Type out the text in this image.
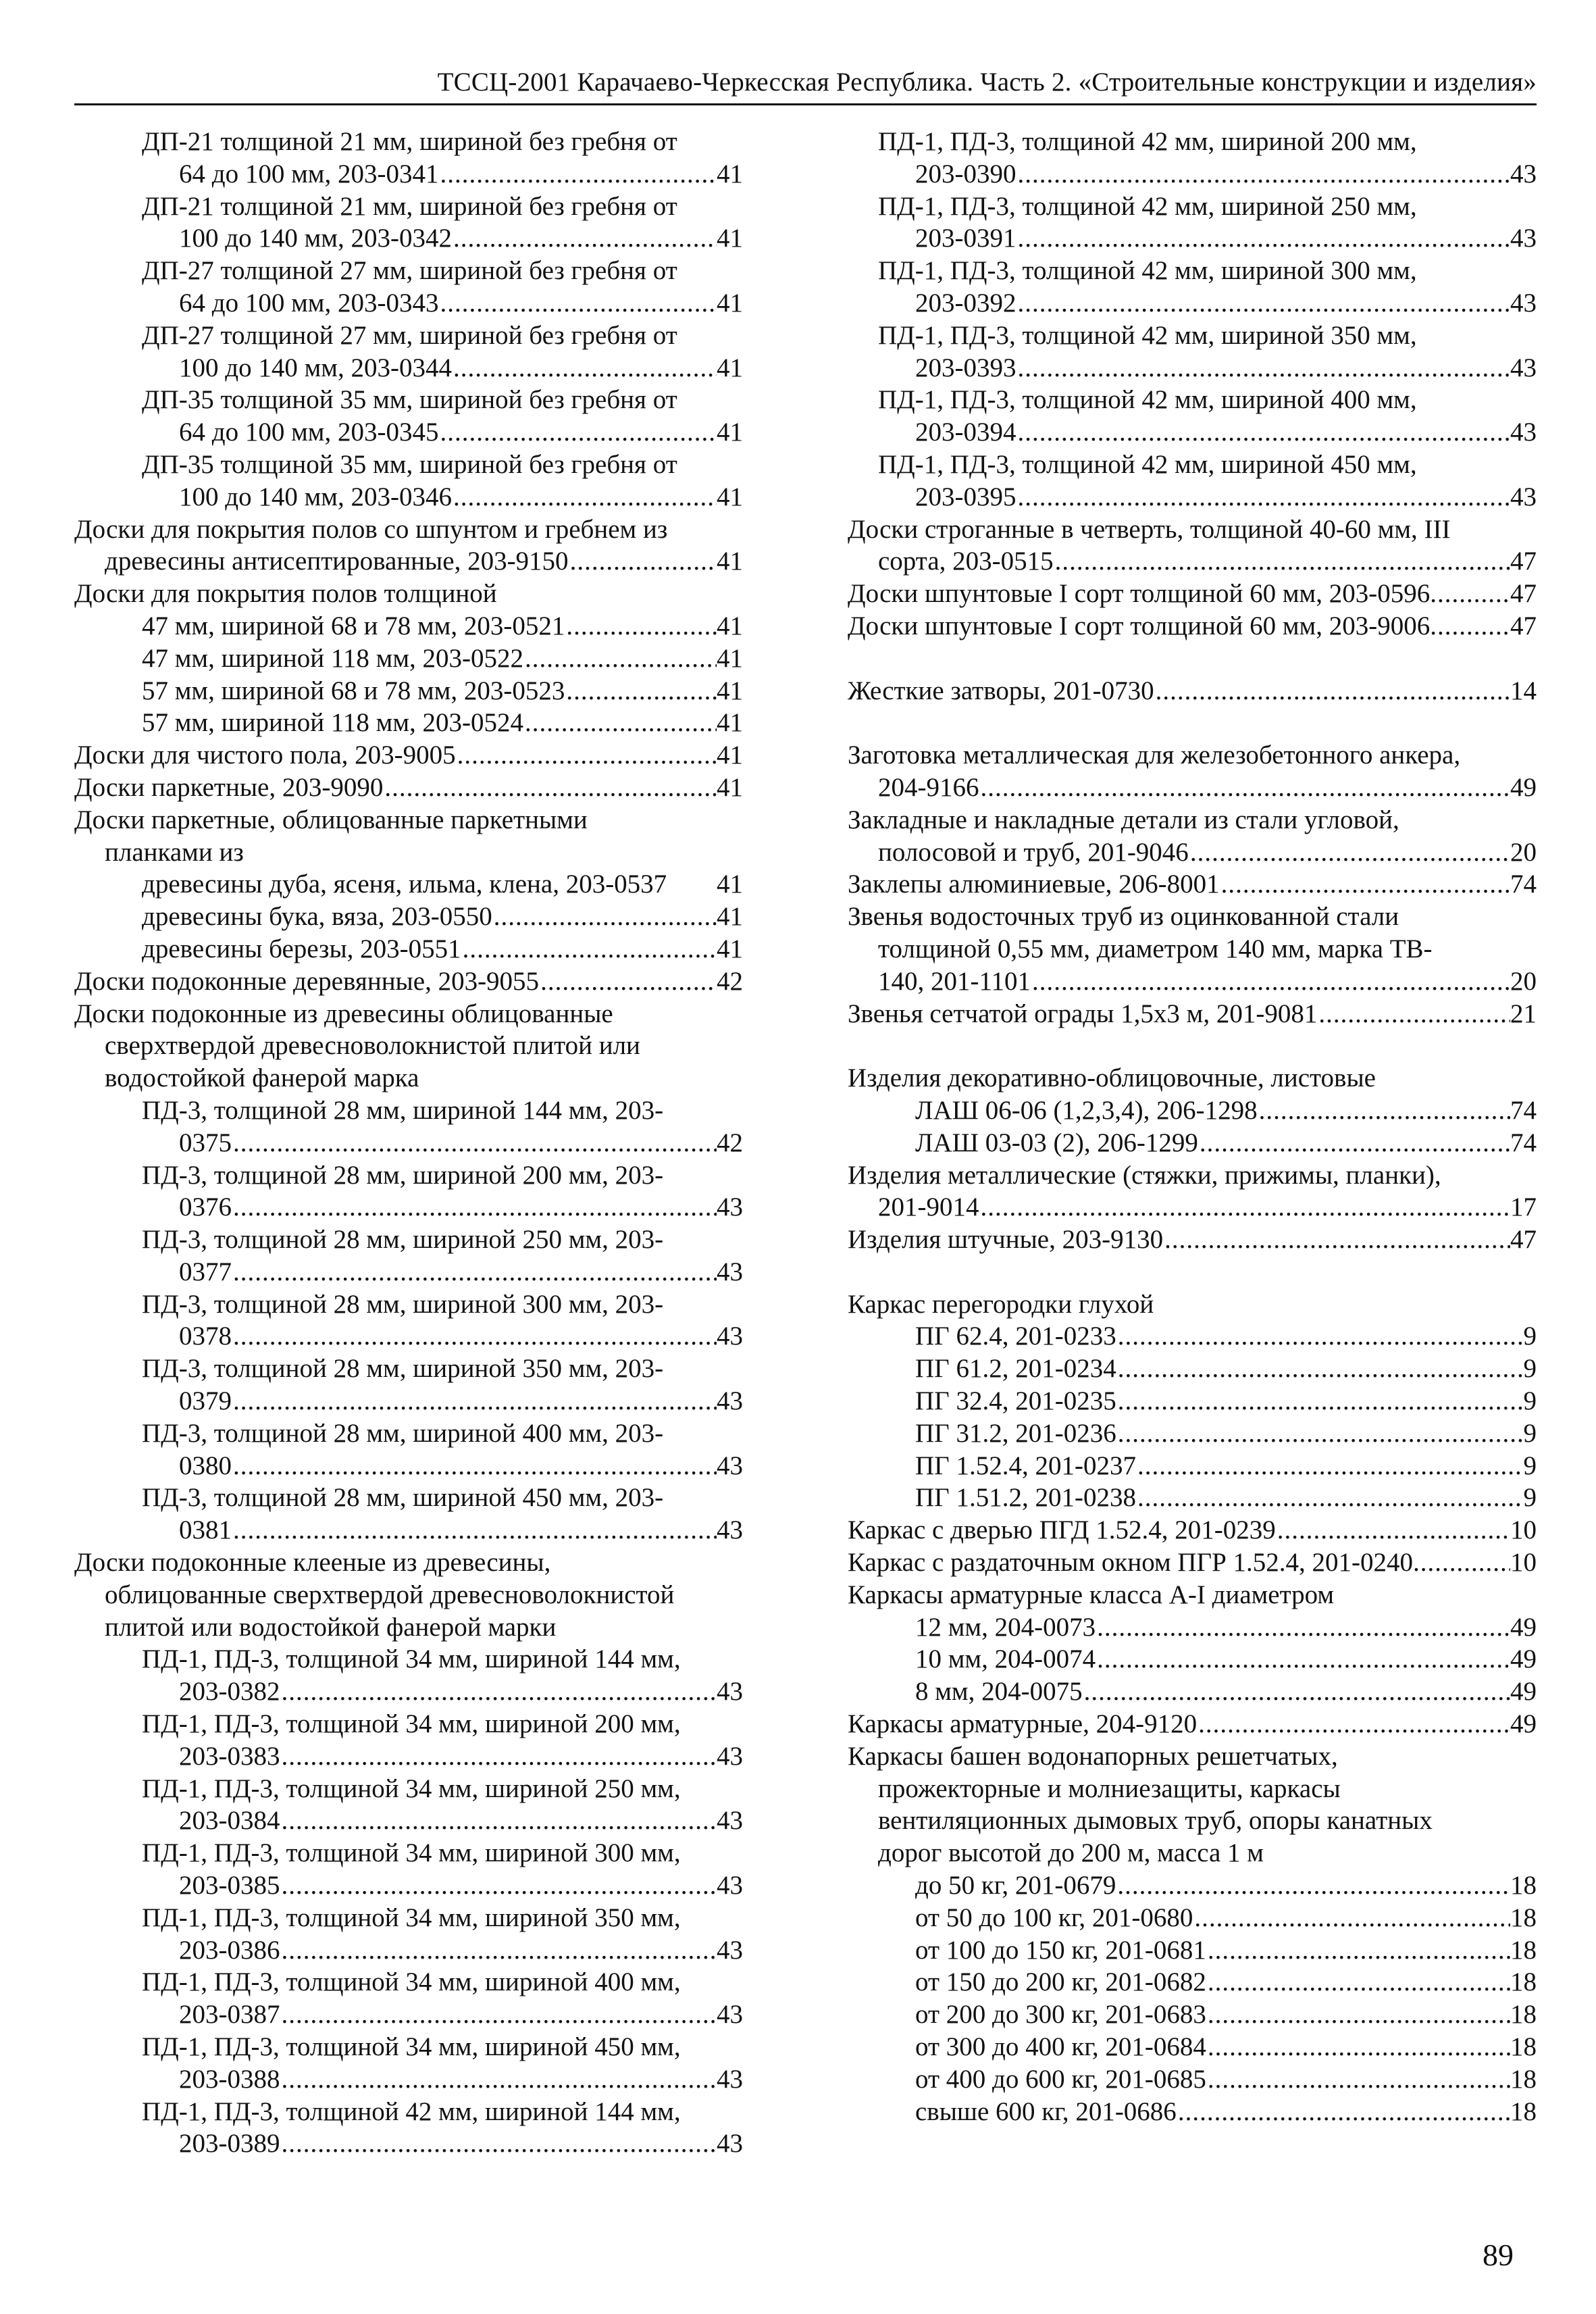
ТССЦ-2001 Карачаево-Черкесская Республика. Часть 2. «Строительные конструкции и изделия»
ДП-21 толщиной 21 мм, шириной без гребня от
64 до 100 мм, 203-0341 .....	41
ДП-21 толщиной 21 мм, шириной без гребня от
100 до 140 мм, 203-0342 .....	41
ДП-27 толщиной 27 мм, шириной без гребня от
64 до 100 мм, 203-0343 .....	41
ДП-27 толщиной 27 мм, шириной без гребня от
100 до 140 мм, 203-0344 .....	41
ДП-35 толщиной 35 мм, шириной без гребня от
64 до 100 мм, 203-0345 .....	41
ДП-35 толщиной 35 мм, шириной без гребня от
100 до 140 мм, 203-0346 .....	41
Доски для покрытия полов со шпунтом и гребнем из
древесины антисептированные, 203-9150 .....	41
Доски для покрытия полов толщиной
47 мм, шириной 68 и 78 мм, 203-0521 .....	41
47 мм, шириной 118 мм, 203-0522 .....	41
57 мм, шириной 68 и 78 мм, 203-0523 .....	41
57 мм, шириной 118 мм, 203-0524 .....	41
Доски для чистого пола, 203-9005 .....	41
Доски паркетные, 203-9090 .....	41
Доски паркетные, облицованные паркетными
планками из
древесины дуба, ясеня, ильма, клена, 203-0537 41
древесины бука, вяза, 203-0550 .....	41
древесины березы, 203-0551 .....	41
Доски подоконные деревянные, 203-9055 .....	42
Доски подоконные из древесины облицованные
сверхтвердой древесноволокнистой плитой или
водостойкой фанерой марка
ПД-3, толщиной 28 мм, шириной 144 мм, 203-
0375 .....	42
ПД-3, толщиной 28 мм, шириной 200 мм, 203-
0376 .....	43
ПД-3, толщиной 28 мм, шириной 250 мм, 203-
0377 .....	43
ПД-3, толщиной 28 мм, шириной 300 мм, 203-
0378 .....	43
ПД-3, толщиной 28 мм, шириной 350 мм, 203-
0379 .....	43
ПД-3, толщиной 28 мм, шириной 400 мм, 203-
0380 .....	43
ПД-3, толщиной 28 мм, шириной 450 мм, 203-
0381 .....	43
Доски подоконные клееные из древесины,
облицованные сверхтвердой древесноволокнистой
плитой или водостойкой фанерой марки
ПД-1, ПД-3, толщиной 34 мм, шириной 144 мм,
203-0382 .....	43
ПД-1, ПД-3, толщиной 34 мм, шириной 200 мм,
203-0383 .....	43
ПД-1, ПД-3, толщиной 34 мм, шириной 250 мм,
203-0384 .....	43
ПД-1, ПД-3, толщиной 34 мм, шириной 300 мм,
203-0385 .....	43
ПД-1, ПД-3, толщиной 34 мм, шириной 350 мм,
203-0386 .....	43
ПД-1, ПД-3, толщиной 34 мм, шириной 400 мм,
203-0387 .....	43
ПД-1, ПД-3, толщиной 34 мм, шириной 450 мм,
203-0388 .....	43
ПД-1, ПД-3, толщиной 42 мм, шириной 144 мм,
203-0389 .....	43
ПД-1, ПД-3, толщиной 42 мм, шириной 200 мм,
203-0390 .....	43
ПД-1, ПД-3, толщиной 42 мм, шириной 250 мм,
203-0391 .....	43
ПД-1, ПД-3, толщиной 42 мм, шириной 300 мм,
203-0392 .....	43
ПД-1, ПД-3, толщиной 42 мм, шириной 350 мм,
203-0393 .....	43
ПД-1, ПД-3, толщиной 42 мм, шириной 400 мм,
203-0394 .....	43
ПД-1, ПД-3, толщиной 42 мм, шириной 450 мм,
203-0395 .....	43
Доски строганные в четверть, толщиной 40-60 мм, III
сорта, 203-0515 .....	47
Доски шпунтовые I сорт толщиной 60 мм, 203-0596 .....	47
Доски шпунтовые I сорт толщиной 60 мм, 203-9006 .....	47
Жесткие затворы, 201-0730 .....	14
Заготовка металлическая для железобетонного анкера,
204-9166 .....	49
Закладные и накладные детали из стали угловой,
полосовой и труб, 201-9046 .....	20
Заклепы алюминиевые, 206-8001 .....	74
Звенья водосточных труб из оцинкованной стали
толщиной 0,55 мм, диаметром 140 мм, марка ТВ-
140, 201-1101 .....	20
Звенья сетчатой ограды 1,5х3 м, 201-9081 .....	21
Изделия декоративно-облицовочные, листовые
ЛАШ 06-06 (1,2,3,4), 206-1298 .....	74
ЛАШ 03-03 (2), 206-1299 .....	74
Изделия металлические (стяжки, прижимы, планки),
201-9014 .....	17
Изделия штучные, 203-9130 .....	47
Каркас перегородки глухой
ПГ 62.4, 201-0233 .....	9
ПГ 61.2, 201-0234 .....	9
ПГ 32.4, 201-0235 .....	9
ПГ 31.2, 201-0236 .....	9
ПГ 1.52.4, 201-0237 .....	9
ПГ 1.51.2, 201-0238 .....	9
Каркас с дверью ПГД 1.52.4, 201-0239 .....	10
Каркас с раздаточным окном ПГР 1.52.4, 201-0240 .....	10
Каркасы арматурные класса A-I диаметром
12 мм, 204-0073 .....	49
10 мм, 204-0074 .....	49
8 мм, 204-0075 .....	49
Каркасы арматурные, 204-9120 .....	49
Каркасы башен водонапорных решетчатых,
прожекторные и молниезащиты, каркасы
вентиляционных дымовых труб, опоры канатных
дорог высотой до 200 м, масса 1 м
до 50 кг, 201-0679 .....	18
от 50 до 100 кг, 201-0680 .....	18
от 100 до 150 кг, 201-0681 .....	18
от 150 до 200 кг, 201-0682 .....	18
от 200 до 300 кг, 201-0683 .....	18
от 300 до 400 кг, 201-0684 .....	18
от 400 до 600 кг, 201-0685 .....	18
свыше 600 кг, 201-0686 .....	18
89
